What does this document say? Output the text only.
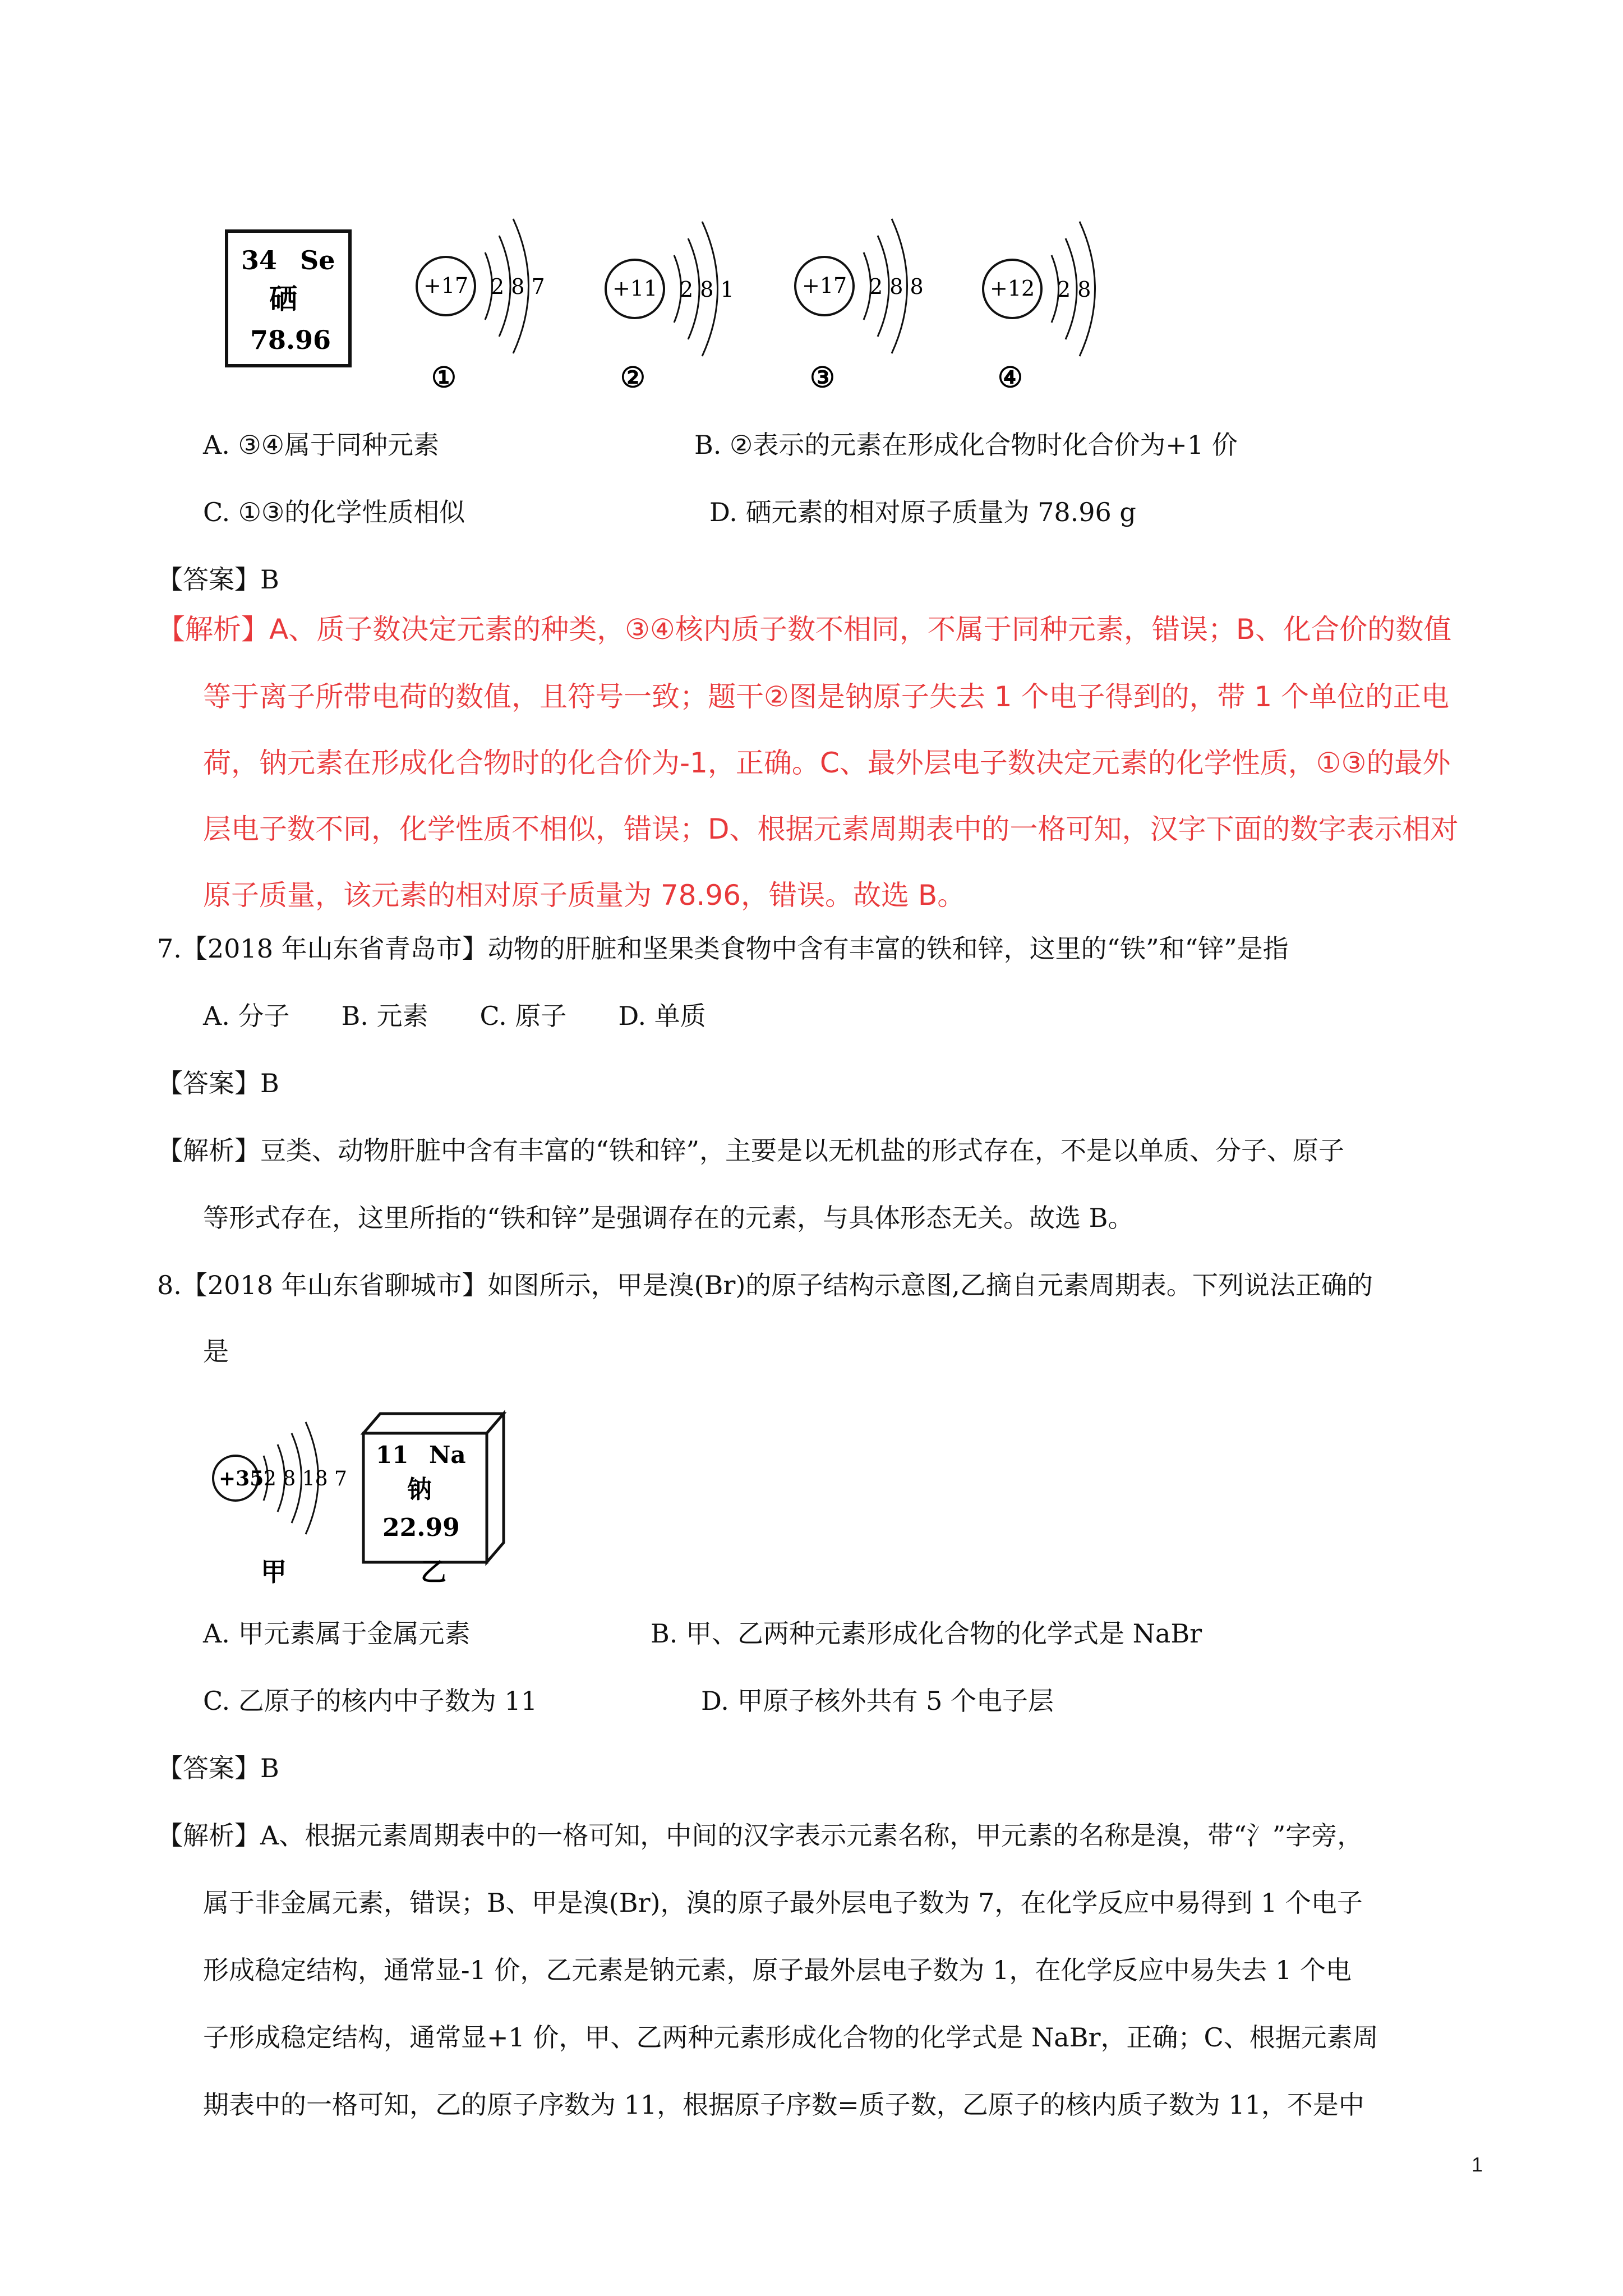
34 Se
硒
78.96
+17 2 8 7
①
+11 2 8 1
②
+17 2 8 8
③
+12 2 8
④
A. ③④属于同种元素	B. ②表示的元素在形成化合物时化合价为+1 价
C. ①③的化学性质相似	D. 硒元素的相对原子质量为 78.96 g
【答案】B
【解析】A、质子数决定元素的种类，③④核内质子数不相同，不属于同种元素，错误；B、化合价的数值
等于离子所带电荷的数值，且符号一致；题干②图是钠原子失去 1 个电子得到的，带 1 个单位的正电
荷，钠元素在形成化合物时的化合价为-1，正确。C、最外层电子数决定元素的化学性质，①③的最外
层电子数不同，化学性质不相似，错误；D、根据元素周期表中的一格可知，汉字下面的数字表示相对
原子质量，该元素的相对原子质量为 78.96，错误。故选 B。
7.【2018 年山东省青岛市】动物的肝脏和坚果类食物中含有丰富的铁和锌，这里的“铁”和“锌”是指
A. 分子　　B. 元素　　C. 原子　　D. 单质
【答案】B
【解析】豆类、动物肝脏中含有丰富的“铁和锌”，主要是以无机盐的形式存在，不是以单质、分子、原子
等形式存在，这里所指的“铁和锌”是强调存在的元素，与具体形态无关。故选 B。
8.【2018 年山东省聊城市】如图所示，甲是溴(Br)的原子结构示意图,乙摘自元素周期表。下列说法正确的
是
+35 2 8 18 7
甲
11 Na
钠
22.99
乙
A. 甲元素属于金属元素	B. 甲、乙两种元素形成化合物的化学式是 NaBr
C. 乙原子的核内中子数为 11	D. 甲原子核外共有 5 个电子层
【答案】B
【解析】A、根据元素周期表中的一格可知，中间的汉字表示元素名称，甲元素的名称是溴，带“氵”字旁，
属于非金属元素，错误；B、甲是溴(Br)，溴的原子最外层电子数为 7，在化学反应中易得到 1 个电子
形成稳定结构，通常显-1 价，乙元素是钠元素，原子最外层电子数为 1，在化学反应中易失去 1 个电
子形成稳定结构，通常显+1 价，甲、乙两种元素形成化合物的化学式是 NaBr，正确；C、根据元素周
期表中的一格可知，乙的原子序数为 11，根据原子序数=质子数，乙原子的核内质子数为 11，不是中
1
